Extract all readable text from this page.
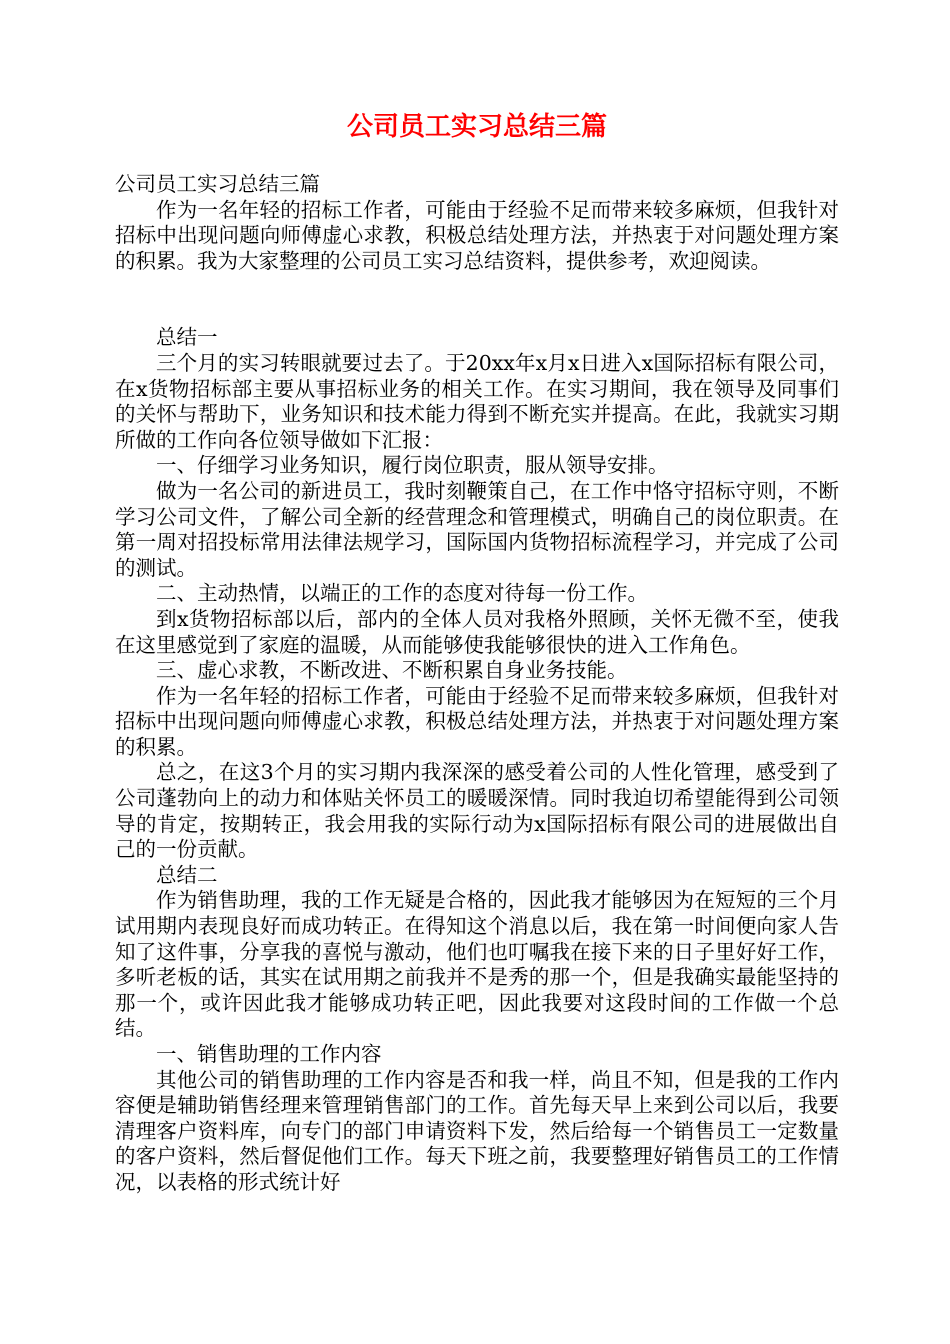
公司员工实习总结三篇

公司员工实习总结三篇

作为一名年轻的招标工作者，可能由于经验不足而带来较多麻烦，但我针对招标中出现问题向师傅虚心求教，积极总结处理方法，并热衷于对问题处理方案的积累。我为大家整理的公司员工实习总结资料，提供参考，欢迎阅读。

总结一

三个月的实习转眼就要过去了。于20xx年x月x日进入x国际招标有限公司，在x货物招标部主要从事招标业务的相关工作。在实习期间，我在领导及同事们的关怀与帮助下，业务知识和技术能力得到不断充实并提高。在此，我就实习期所做的工作向各位领导做如下汇报：

一、仔细学习业务知识，履行岗位职责，服从领导安排。

做为一名公司的新进员工，我时刻鞭策自己，在工作中恪守招标守则，不断学习公司文件，了解公司全新的经营理念和管理模式，明确自己的岗位职责。在第一周对招投标常用法律法规学习，国际国内货物招标流程学习，并完成了公司的测试。

二、主动热情，以端正的工作的态度对待每一份工作。

到x货物招标部以后，部内的全体人员对我格外照顾，关怀无微不至，使我在这里感觉到了家庭的温暖，从而能够使我能够很快的进入工作角色。

三、虚心求教，不断改进、不断积累自身业务技能。

作为一名年轻的招标工作者，可能由于经验不足而带来较多麻烦，但我针对招标中出现问题向师傅虚心求教，积极总结处理方法，并热衷于对问题处理方案的积累。

总之，在这3个月的实习期内我深深的感受着公司的人性化管理，感受到了公司蓬勃向上的动力和体贴关怀员工的暖暖深情。同时我迫切希望能得到公司领导的肯定，按期转正，我会用我的实际行动为x国际招标有限公司的进展做出自己的一份贡献。

总结二

作为销售助理，我的工作无疑是合格的，因此我才能够因为在短短的三个月试用期内表现良好而成功转正。在得知这个消息以后，我在第一时间便向家人告知了这件事，分享我的喜悦与激动，他们也叮嘱我在接下来的日子里好好工作，多听老板的话，其实在试用期之前我并不是秀的那一个，但是我确实最能坚持的那一个，或许因此我才能够成功转正吧，因此我要对这段时间的工作做一个总结。

一、销售助理的工作内容

其他公司的销售助理的工作内容是否和我一样，尚且不知，但是我的工作内容便是辅助销售经理来管理销售部门的工作。首先每天早上来到公司以后，我要清理客户资料库，向专门的部门申请资料下发，然后给每一个销售员工一定数量的客户资料，然后督促他们工作。每天下班之前，我要整理好销售员工的工作情况，以表格的形式统计好
